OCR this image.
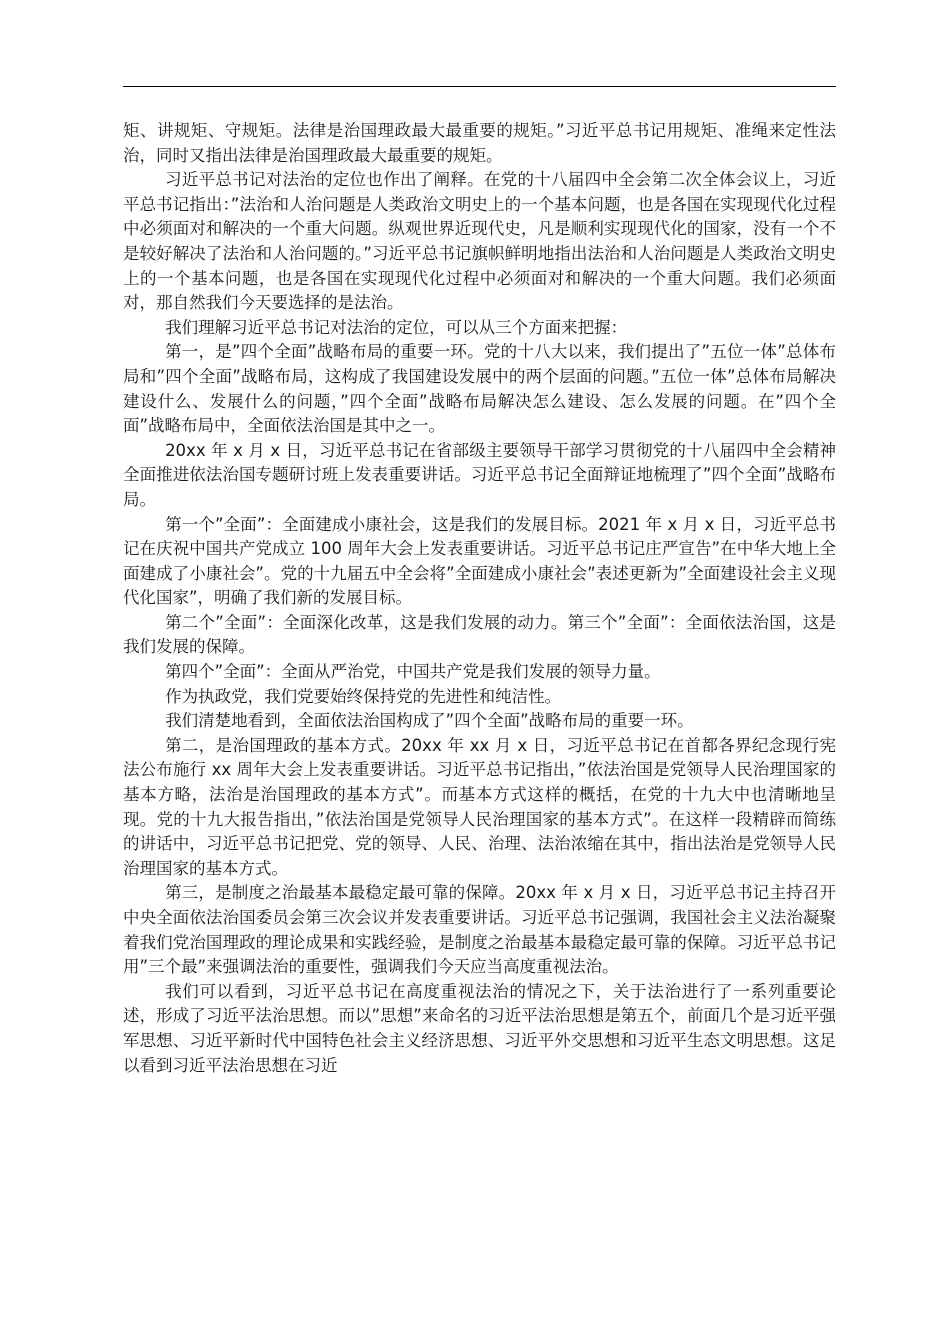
矩、讲规矩、守规矩。法律是治国理政最大最重要的规矩。”习近平总书记用规矩、准绳来定性法治，同时又指出法律是治国理政最大最重要的规矩。

习近平总书记对法治的定位也作出了阐释。在党的十八届四中全会第二次全体会议上，习近平总书记指出：”法治和人治问题是人类政治文明史上的一个基本问题，也是各国在实现现代化过程中必须面对和解决的一个重大问题。纵观世界近现代史，凡是顺利实现现代化的国家，没有一个不是较好解决了法治和人治问题的。”习近平总书记旗帜鲜明地指出法治和人治问题是人类政治文明史上的一个基本问题，也是各国在实现现代化过程中必须面对和解决的一个重大问题。我们必须面对，那自然我们今天要选择的是法治。

我们理解习近平总书记对法治的定位，可以从三个方面来把握：

第一，是”四个全面”战略布局的重要一环。党的十八大以来，我们提出了”五位一体”总体布局和”四个全面”战略布局，这构成了我国建设发展中的两个层面的问题。”五位一体”总体布局解决建设什么、发展什么的问题，”四个全面”战略布局解决怎么建设、怎么发展的问题。在”四个全面”战略布局中，全面依法治国是其中之一。

20xx 年 x 月 x 日，习近平总书记在省部级主要领导干部学习贯彻党的十八届四中全会精神全面推进依法治国专题研讨班上发表重要讲话。习近平总书记全面辩证地梳理了”四个全面”战略布局。

第一个”全面”：全面建成小康社会，这是我们的发展目标。2021 年 x 月 x 日，习近平总书记在庆祝中国共产党成立 100 周年大会上发表重要讲话。习近平总书记庄严宣告”在中华大地上全面建成了小康社会”。党的十九届五中全会将”全面建成小康社会”表述更新为”全面建设社会主义现代化国家”，明确了我们新的发展目标。

第二个”全面”：全面深化改革，这是我们发展的动力。第三个”全面”：全面依法治国，这是我们发展的保障。

第四个”全面”：全面从严治党，中国共产党是我们发展的领导力量。

作为执政党，我们党要始终保持党的先进性和纯洁性。

我们清楚地看到，全面依法治国构成了”四个全面”战略布局的重要一环。

第二，是治国理政的基本方式。20xx 年 xx 月 x 日，习近平总书记在首都各界纪念现行宪法公布施行 xx 周年大会上发表重要讲话。习近平总书记指出，”依法治国是党领导人民治理国家的基本方略，法治是治国理政的基本方式”。而基本方式这样的概括，在党的十九大中也清晰地呈现。党的十九大报告指出，”依法治国是党领导人民治理国家的基本方式”。在这样一段精辟而简练的讲话中，习近平总书记把党、党的领导、人民、治理、法治浓缩在其中，指出法治是党领导人民治理国家的基本方式。

第三，是制度之治最基本最稳定最可靠的保障。20xx 年 x 月 x 日，习近平总书记主持召开中央全面依法治国委员会第三次会议并发表重要讲话。习近平总书记强调，我国社会主义法治凝聚着我们党治国理政的理论成果和实践经验，是制度之治最基本最稳定最可靠的保障。习近平总书记用”三个最”来强调法治的重要性，强调我们今天应当高度重视法治。

我们可以看到，习近平总书记在高度重视法治的情况之下，关于法治进行了一系列重要论述，形成了习近平法治思想。而以”思想”来命名的习近平法治思想是第五个，前面几个是习近平强军思想、习近平新时代中国特色社会主义经济思想、习近平外交思想和习近平生态文明思想。这足以看到习近平法治思想在习近
